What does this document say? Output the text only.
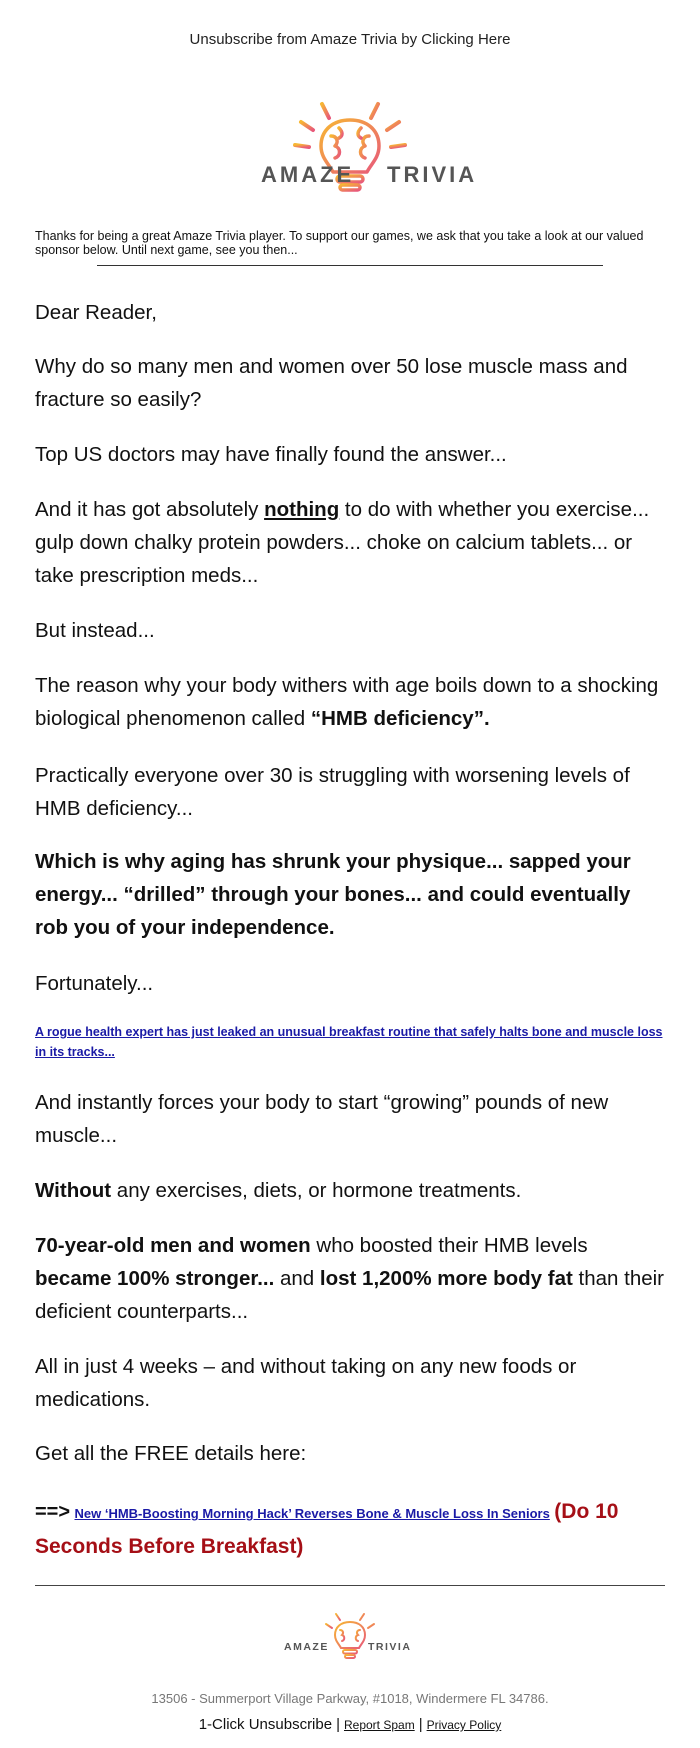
Unsubscribe from Amaze Trivia by Clicking Here
AMAZE TRIVIA
Thanks for being a great Amaze Trivia player. To support our games, we ask that you take a look at our valued sponsor below. Until next game, see you then...

Dear Reader,

Why do so many men and women over 50 lose muscle mass and fracture so easily?

Top US doctors may have finally found the answer...

And it has got absolutely nothing to do with whether you exercise... gulp down chalky protein powders... choke on calcium tablets... or take prescription meds...

But instead...

The reason why your body withers with age boils down to a shocking biological phenomenon called “HMB deficiency”.

Practically everyone over 30 is struggling with worsening levels of HMB deficiency...

Which is why aging has shrunk your physique... sapped your energy... “drilled” through your bones... and could eventually rob you of your independence.

Fortunately...

A rogue health expert has just leaked an unusual breakfast routine that safely halts bone and muscle loss in its tracks...

And instantly forces your body to start “growing” pounds of new muscle...

Without any exercises, diets, or hormone treatments.

70-year-old men and women who boosted their HMB levels became 100% stronger... and lost 1,200% more body fat than their deficient counterparts...

All in just 4 weeks – and without taking on any new foods or medications.

Get all the FREE details here:

==> New ‘HMB-Boosting Morning Hack’ Reverses Bone & Muscle Loss In Seniors (Do 10 Seconds Before Breakfast)
AMAZE	TRIVIA
13506 - Summerport Village Parkway, #1018, Windermere FL 34786.
1-Click Unsubscribe | Report Spam | Privacy Policy
